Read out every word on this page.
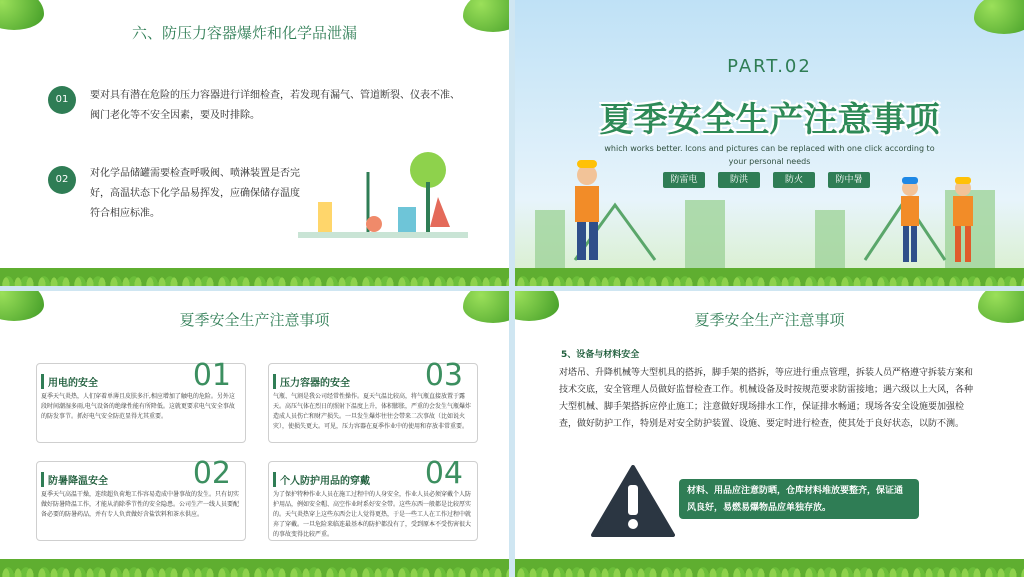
六、防压力容器爆炸和化学品泄漏
01	要对具有潜在危险的压力容器进行详细检查，若发现有漏气、管道断裂、仪表不准、阀门老化等不安全因素，要及时排除。
02
对化学品储罐需要检查呼吸阀、喷淋装置是否完好，高温状态下化学品易挥发，应确保储存温度符合相应标准。
PART.02
夏季安全生产注意事项
which works better. Icons and pictures can be replaced with one click according to your personal needs
防雷电	防洪	防火	防中暑
夏季安全生产注意事项
用电的安全	01
夏季天气炎热，人们穿着单薄且皮肤多汗,相应增加了触电的危险。另外这段时间潮湿多雨,电气设备的绝缘性能有所降低。这就更要求电气安全事故的防发事节。抓好电气安全防范显得尤其重要。
压力容器的安全 03
气瓶、气割是我公司经常性操作。夏天气温比较高，将气瓶直接放置于露天。高压气体在烈日的照射下温度上升，体积膨胀，严重的会发生气瓶爆炸造成人员伤亡和财产损失。一旦发生爆炸往往会带来二次事故（比如说火灾），使损失更大。可见，压力容器在夏季作业中的使用和存放非常重要。
防暑降温安全	02
夏季天气高温干燥，连续超负荷地工作容易造成中暑事故的发生。只有切实做好防暑降温工作，才能从消除季节性的安全隐患。公司生产一线人员要配备必要的防暑药品，并有专人负责做好含盐饮料和茶水供应。
个人防护用品的穿戴 04
为了保护特种作业人员在施工过程中的人身安全，作业人员必须穿戴个人防护用品，例如安全帽、高空作业时系好安全带。这些东西一般都是比较厚实的。天气炎热穿上这些东西会让人觉得更热，于是一些工人在工作过程中就弃了穿戴。一旦危险来临连最基本的防护都没有了，受到原本不受伤害很大的事故变得比较严重。
夏季安全生产注意事项
5、设备与材料安全
对塔吊、升降机械等大型机具的搭拆，脚手架的搭拆，等应进行重点管理，拆装人员严格遵守拆装方案和技术交底，安全管理人员做好监督检查工作。机械设备及时按规范要求防雷接地；遇六级以上大风，各种大型机械、脚手架搭拆应停止施工；注意做好现场排水工作，保证排水畅通；现场各安全设施要加强检查，做好防护工作，特别是对安全防护装置、设施、要定时进行检查，使其处于良好状态，以防不测。
材料、用品应注意防晒，仓库材料堆放要整齐，保证通风良好，易燃易爆物品应单独存放。
